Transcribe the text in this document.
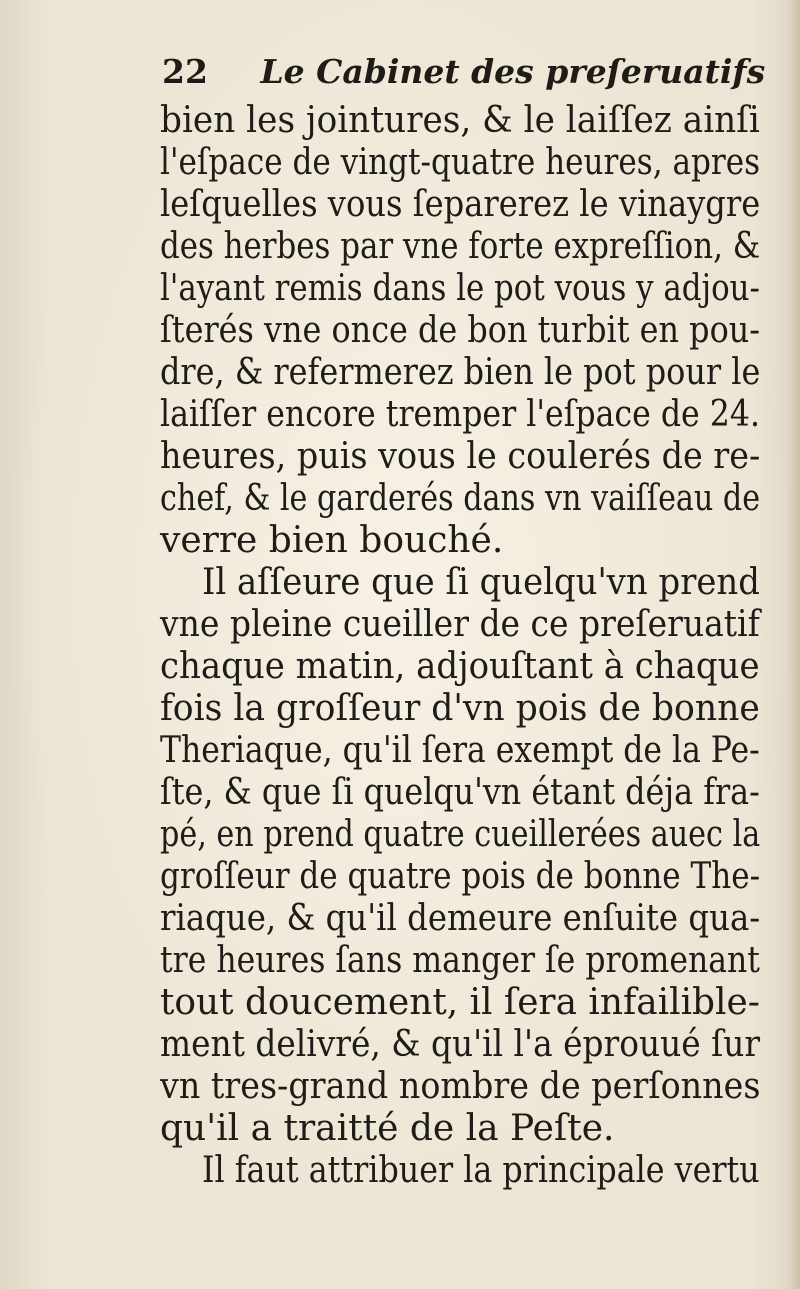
22 Le Cabinet des preſeruatifs
bien les jointures, & le laiſſez ainſi
l'eſpace de vingt-quatre heures, apres
leſquelles vous ſeparerez le vinaygre
des herbes par vne forte expreſſion, &
l'ayant remis dans le pot vous y adjou-
ſterés vne once de bon turbit en pou-
dre, & refermerez bien le pot pour le
laiſſer encore tremper l'eſpace de 24.
heures, puis vous le coulerés de re-
chef, & le garderés dans vn vaiſſeau de
verre bien bouché.
Il aſſeure que ſi quelqu'vn prend
vne pleine cueiller de ce preſeruatif
chaque matin, adjouſtant à chaque
fois la groſſeur d'vn pois de bonne
Theriaque, qu'il ſera exempt de la Pe-
ſte, & que ſi quelqu'vn étant déja fra-
pé, en prend quatre cueillerées auec la
groſſeur de quatre pois de bonne The-
riaque, & qu'il demeure enſuite qua-
tre heures ſans manger ſe promenant
tout doucement, il ſera infailible-
ment delivré, & qu'il l'a éprouué ſur
vn tres-grand nombre de perſonnes
qu'il a traitté de la Peſte.
Il faut attribuer la principale vertu
